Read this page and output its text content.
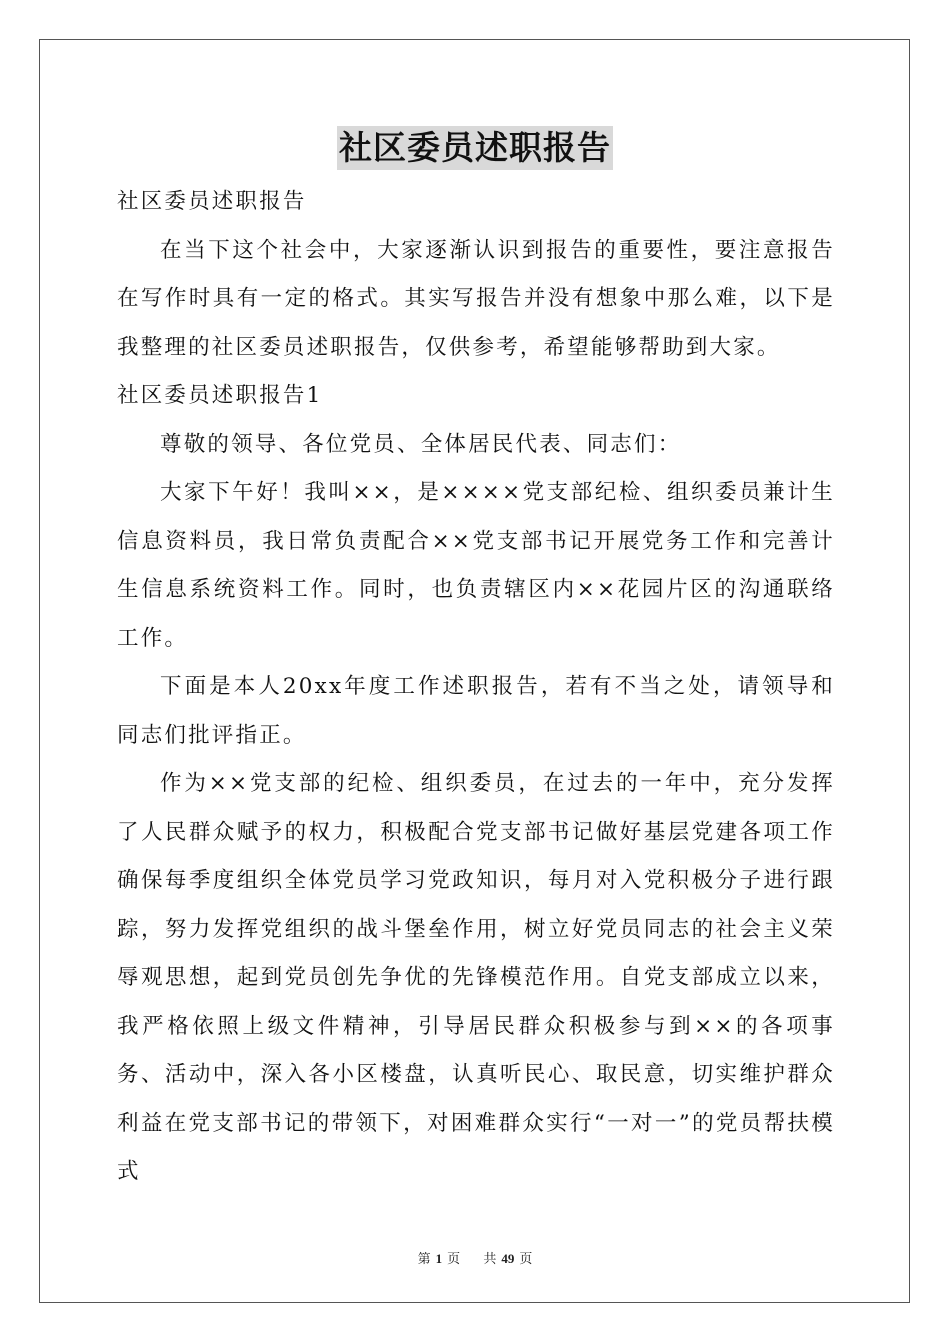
社区委员述职报告

社区委员述职报告

在当下这个社会中，大家逐渐认识到报告的重要性，要注意报告在写作时具有一定的格式。其实写报告并没有想象中那么难，以下是我整理的社区委员述职报告，仅供参考，希望能够帮助到大家。

社区委员述职报告1

尊敬的领导、各位党员、全体居民代表、同志们：

大家下午好！我叫××，是××××党支部纪检、组织委员兼计生信息资料员，我日常负责配合××党支部书记开展党务工作和完善计生信息系统资料工作。同时，也负责辖区内××花园片区的沟通联络工作。

下面是本人20xx年度工作述职报告，若有不当之处，请领导和同志们批评指正。

作为××党支部的纪检、组织委员，在过去的一年中，充分发挥了人民群众赋予的权力，积极配合党支部书记做好基层党建各项工作确保每季度组织全体党员学习党政知识，每月对入党积极分子进行跟踪，努力发挥党组织的战斗堡垒作用，树立好党员同志的社会主义荣辱观思想，起到党员创先争优的先锋模范作用。自党支部成立以来，我严格依照上级文件精神，引导居民群众积极参与到××的各项事务、活动中，深入各小区楼盘，认真听民心、取民意，切实维护群众利益在党支部书记的带领下，对困难群众实行“一对一”的党员帮扶模式

第 1 页 共 49 页
